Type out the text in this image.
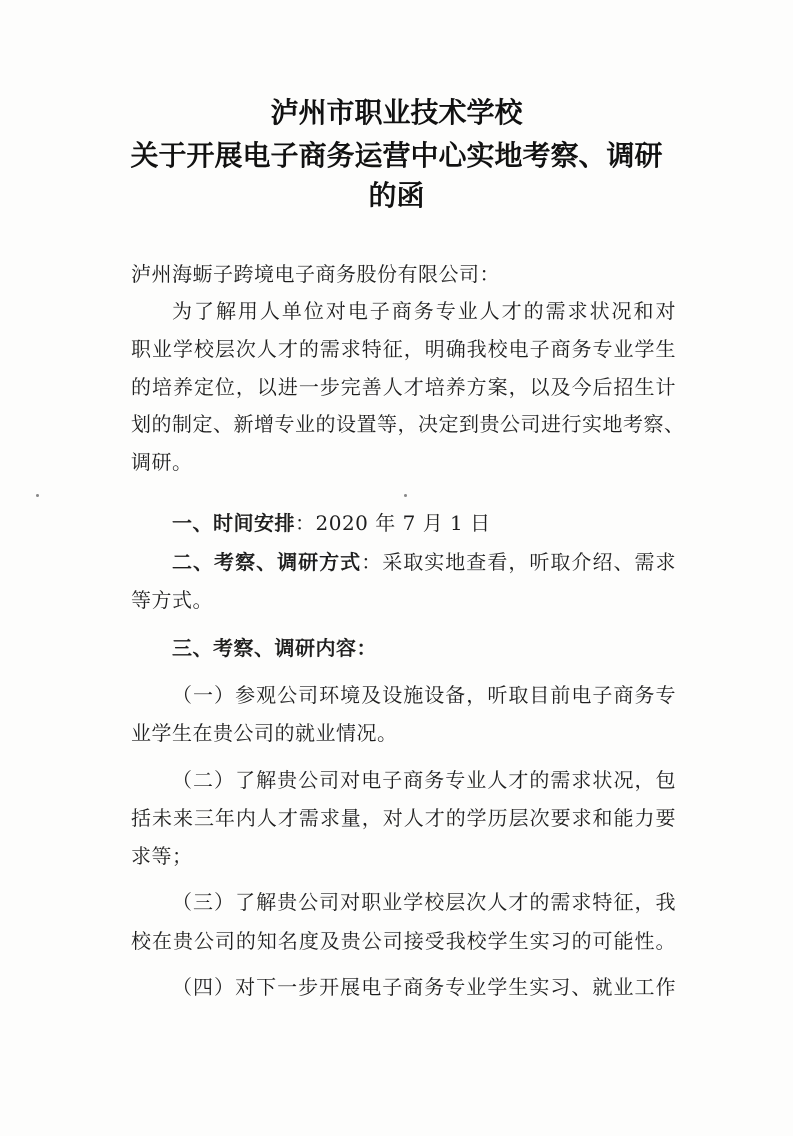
泸州市职业技术学校
关于开展电子商务运营中心实地考察、调研
的函
泸州海蛎子跨境电子商务股份有限公司：
为了解用人单位对电子商务专业人才的需求状况和对
职业学校层次人才的需求特征，明确我校电子商务专业学生
的培养定位，以进一步完善人才培养方案，以及今后招生计
划的制定、新增专业的设置等，决定到贵公司进行实地考察、
调研。
一、时间安排：2020 年 7 月 1 日
二、考察、调研方式：采取实地查看，听取介绍、需求
等方式。
三、考察、调研内容：
（一）参观公司环境及设施设备，听取目前电子商务专
业学生在贵公司的就业情况。
（二）了解贵公司对电子商务专业人才的需求状况，包
括未来三年内人才需求量，对人才的学历层次要求和能力要
求等；
（三）了解贵公司对职业学校层次人才的需求特征，我
校在贵公司的知名度及贵公司接受我校学生实习的可能性。
（四）对下一步开展电子商务专业学生实习、就业工作
